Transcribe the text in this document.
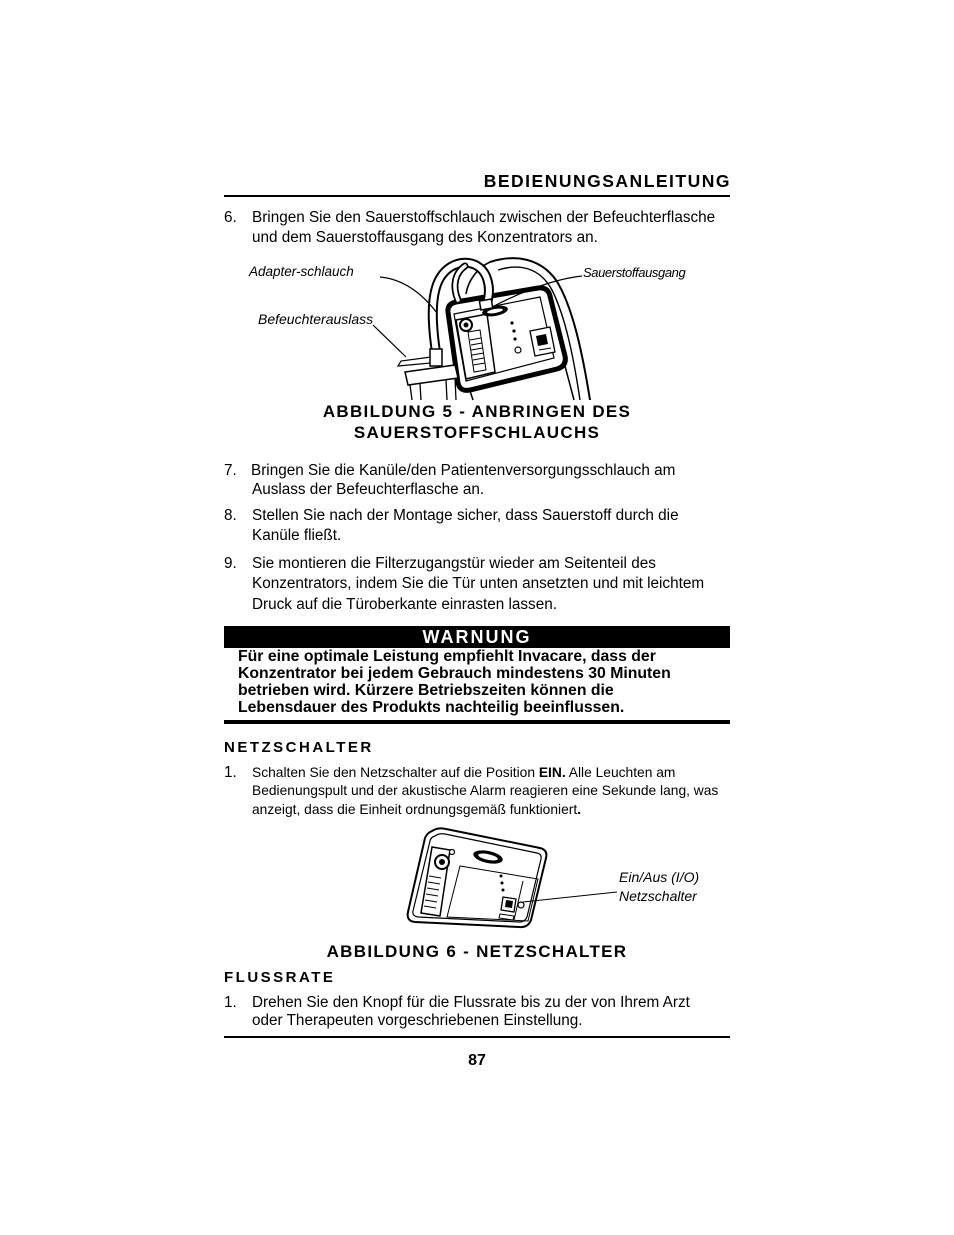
BEDIENUNGSANLEITUNG
6. Bringen Sie den Sauerstoffschlauch zwischen der Befeuchterflasche
und dem Sauerstoffausgang des Konzentrators an.
Adapter-schlauch	Sauerstoffausgang
Befeuchterauslass
ABBILDUNG 5 - ANBRINGEN DES
SAUERSTOFFSCHLAUCHS
7. Bringen Sie die Kanüle/den Patientenversorgungsschlauch am
Auslass der Befeuchterflasche an.
8. Stellen Sie nach der Montage sicher, dass Sauerstoff durch die
Kanüle fließt.
9. Sie montieren die Filterzugangstür wieder am Seitenteil des
Konzentrators, indem Sie die Tür unten ansetzten und mit leichtem
Druck auf die Türoberkante einrasten lassen.
WARNUNG
Für eine optimale Leistung empfiehlt Invacare, dass der
Konzentrator bei jedem Gebrauch mindestens 30 Minuten
betrieben wird. Kürzere Betriebszeiten können die
Lebensdauer des Produkts nachteilig beeinflussen.
NETZSCHALTER
1. Schalten Sie den Netzschalter auf die Position EIN. Alle Leuchten am
Bedienungspult und der akustische Alarm reagieren eine Sekunde lang, was
anzeigt, dass die Einheit ordnungsgemäß funktioniert.
Ein/Aus (I/O)
Netzschalter
ABBILDUNG 6 - NETZSCHALTER
FLUSSRATE
1. Drehen Sie den Knopf für die Flussrate bis zu der von Ihrem Arzt
oder Therapeuten vorgeschriebenen Einstellung.
87
